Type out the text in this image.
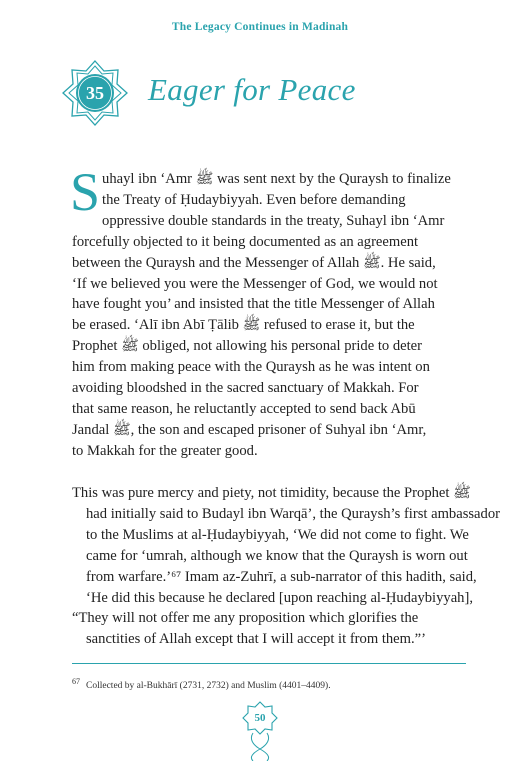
The Legacy Continues in Madinah
35	Eager for Peace
S uhayl ibn ‘Amr ﷺ was sent next by the Quraysh to finalize
the Treaty of Ḥudaybiyyah. Even before demanding
oppressive double standards in the treaty, Suhayl ibn ‘Amr
forcefully objected to it being documented as an agreement
between the Quraysh and the Messenger of Allah ﷺ. He said,
‘If we believed you were the Messenger of God, we would not
have fought you’ and insisted that the title Messenger of Allah
be erased. ‘Alī ibn Abī Ṭālib ﷺ refused to erase it, but the
Prophet ﷺ obliged, not allowing his personal pride to deter
him from making peace with the Quraysh as he was intent on
avoiding bloodshed in the sacred sanctuary of Makkah. For
that same reason, he reluctantly accepted to send back Abū
Jandal ﷺ, the son and escaped prisoner of Suhyal ibn ‘Amr,
to Makkah for the greater good.
This was pure mercy and piety, not timidity, because the Prophet ﷺ
had initially said to Budayl ibn Warqā’, the Quraysh’s first ambassador
to the Muslims at al-Ḥudaybiyyah, ‘We did not come to fight. We
came for ‘umrah, although we know that the Quraysh is worn out
from warfare.’⁶⁷ Imam az-Zuhrī, a sub-narrator of this hadith, said,
‘He did this because he declared [upon reaching al-Ḥudaybiyyah],
“They will not offer me any proposition which glorifies the
sanctities of Allah except that I will accept it from them.”’
$^{67}$ Collected by al-Bukhārī (2731, 2732) and Muslim (4401–4409).
50
